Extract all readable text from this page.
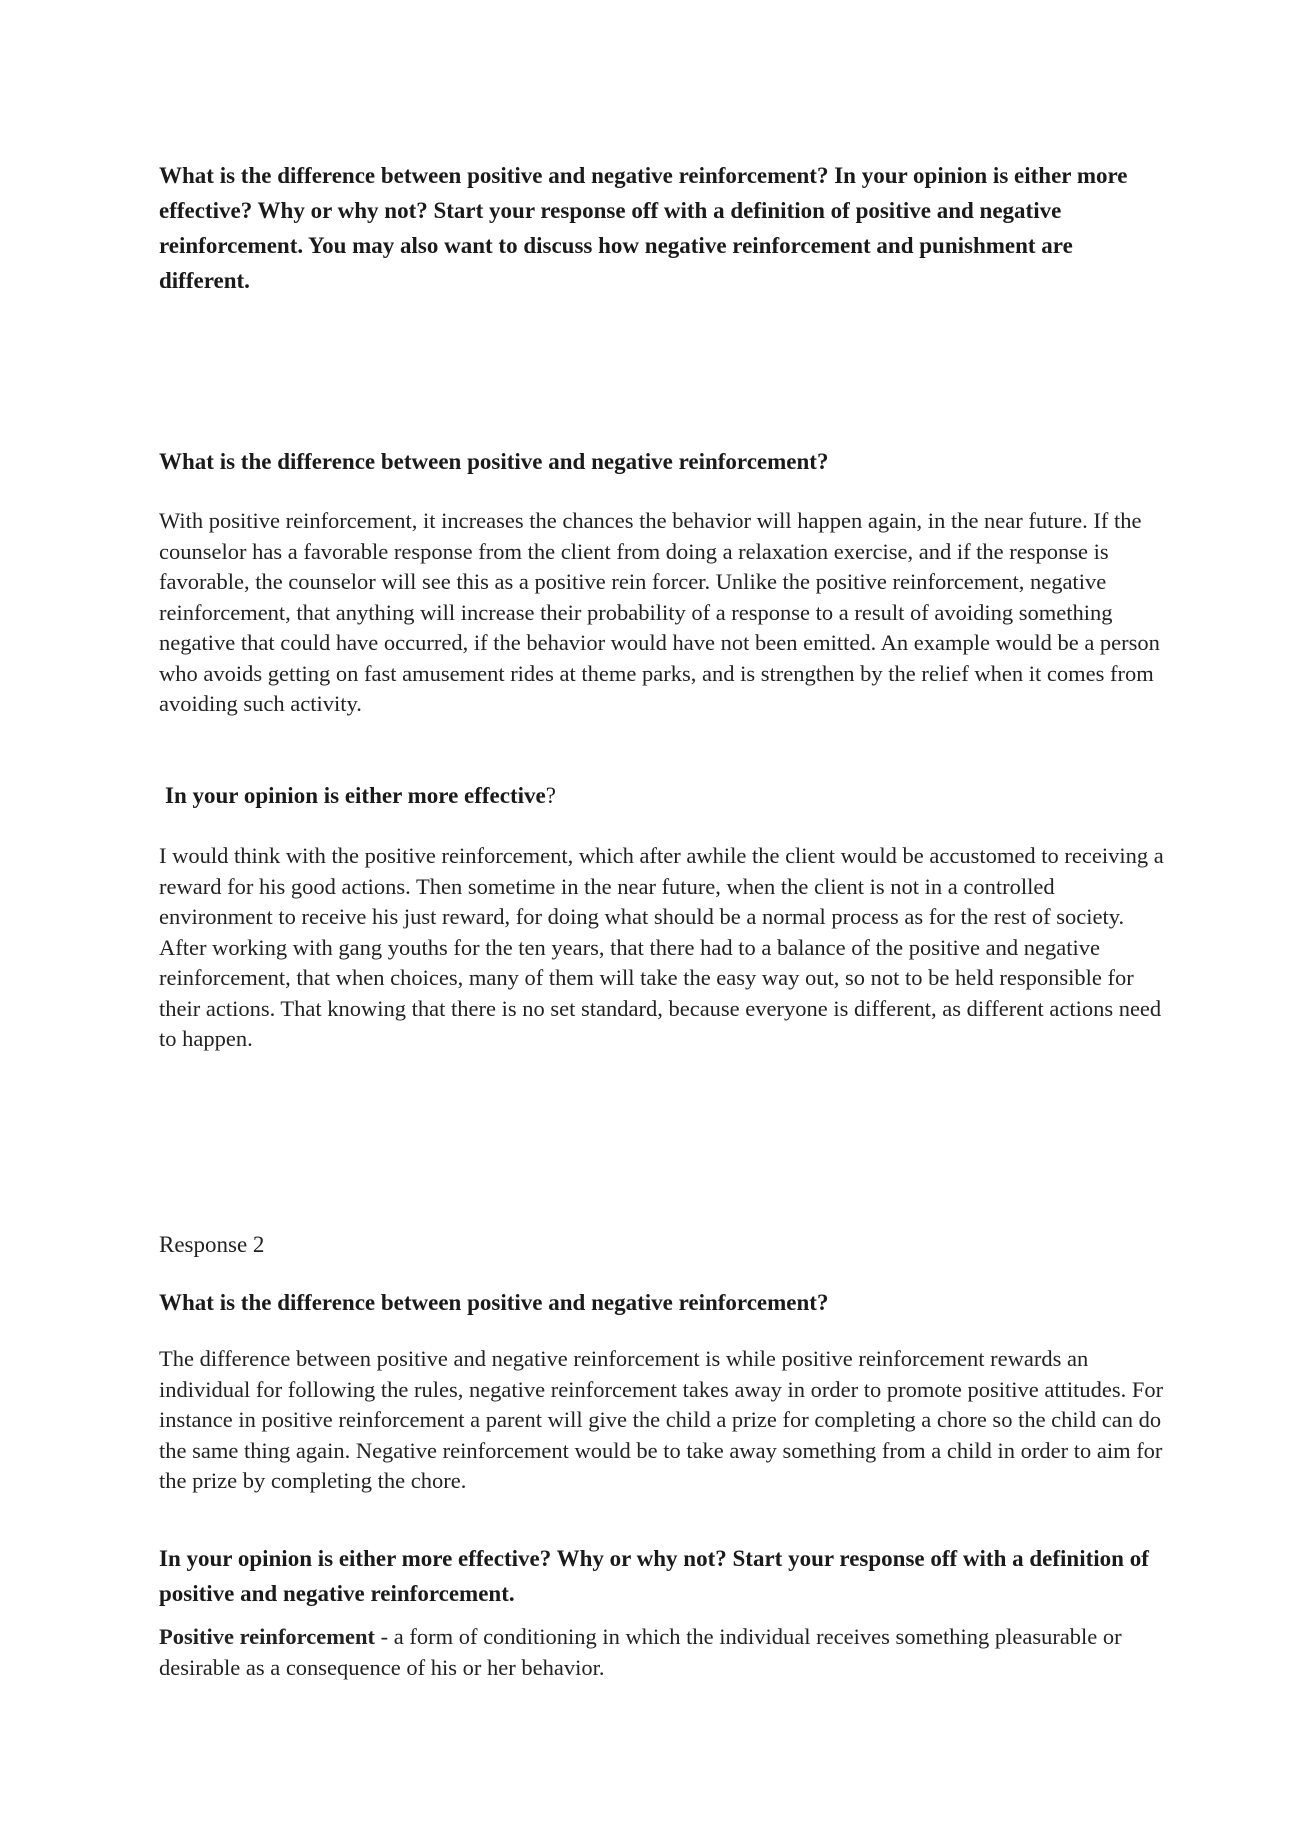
What is the difference between positive and negative reinforcement? In your opinion is either more effective? Why or why not? Start your response off with a definition of positive and negative reinforcement. You may also want to discuss how negative reinforcement and punishment are different.

What is the difference between positive and negative reinforcement?

With positive reinforcement, it increases the chances the behavior will happen again, in the near future. If the counselor has a favorable response from the client from doing a relaxation exercise, and if the response is favorable, the counselor will see this as a positive rein forcer. Unlike the positive reinforcement, negative reinforcement, that anything will increase their probability of a response to a result of avoiding something negative that could have occurred, if the behavior would have not been emitted. An example would be a person who avoids getting on fast amusement rides at theme parks, and is strengthen by the relief when it comes from avoiding such activity.

In your opinion is either more effective?

I would think with the positive reinforcement, which after awhile the client would be accustomed to receiving a reward for his good actions. Then sometime in the near future, when the client is not in a controlled environment to receive his just reward, for doing what should be a normal process as for the rest of society. After working with gang youths for the ten years, that there had to a balance of the positive and negative reinforcement, that when choices, many of them will take the easy way out, so not to be held responsible for their actions. That knowing that there is no set standard, because everyone is different, as different actions need to happen.

Response 2

What is the difference between positive and negative reinforcement?

The difference between positive and negative reinforcement is while positive reinforcement rewards an individual for following the rules, negative reinforcement takes away in order to promote positive attitudes. For instance in positive reinforcement a parent will give the child a prize for completing a chore so the child can do the same thing again. Negative reinforcement would be to take away something from a child in order to aim for the prize by completing the chore.

In your opinion is either more effective? Why or why not? Start your response off with a definition of positive and negative reinforcement.

Positive reinforcement - a form of conditioning in which the individual receives something pleasurable or desirable as a consequence of his or her behavior.
